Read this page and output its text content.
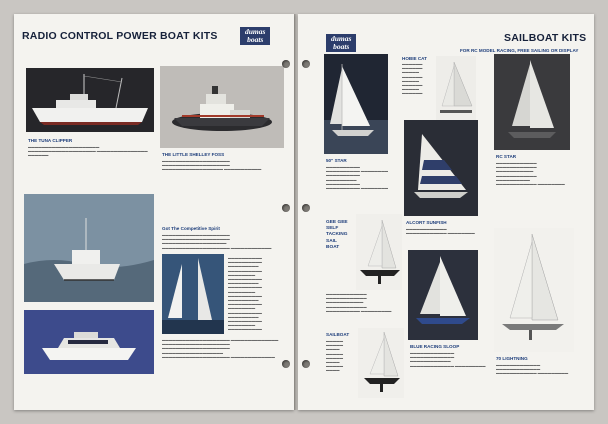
RADIO CONTROL POWER BOAT KITS	dumas
boats
THE TUNA CLIPPER
▬▬▬▬▬▬▬▬▬▬▬▬▬▬▬▬▬▬▬▬▬ ▬▬▬▬▬▬▬▬▬▬▬▬▬▬▬▬▬▬▬▬ ▬▬▬▬▬▬▬▬▬▬▬▬▬▬▬ ▬▬▬▬▬▬	THE LITTLE SHELLEY FOSS
▬▬▬▬▬▬▬▬▬▬▬▬▬▬▬▬▬▬▬▬ ▬▬▬▬▬▬▬▬▬▬▬▬▬▬▬▬▬▬▬▬ ▬▬▬▬▬▬▬▬▬▬▬▬▬▬▬▬▬▬ ▬▬▬▬▬▬▬▬▬▬▬
Got The Competitive Spirit
▬▬▬▬▬▬▬▬▬▬▬▬▬▬▬▬▬▬▬▬ ▬▬▬▬▬▬▬▬▬▬▬▬▬▬▬▬▬▬▬▬ ▬▬▬▬▬▬▬▬▬▬▬▬▬▬▬▬▬▬▬ ▬▬▬▬▬▬▬▬▬▬▬▬▬▬▬▬▬▬▬▬ ▬▬▬▬▬▬▬▬▬▬▬▬
▬▬▬▬▬▬▬▬▬▬ ▬▬▬▬▬▬▬▬▬▬ ▬▬▬▬▬▬▬▬▬ ▬▬▬▬▬▬▬▬▬▬ ▬▬▬▬▬▬▬▬ ▬▬▬▬▬▬▬▬▬▬ ▬▬▬▬▬▬▬▬▬ ▬▬▬▬▬▬▬▬▬▬ ▬▬▬▬▬▬▬▬ ▬▬▬▬▬▬▬▬▬▬ ▬▬▬▬▬▬▬▬▬ ▬▬▬▬▬▬▬▬▬▬ ▬▬▬▬▬▬▬▬ ▬▬▬▬▬▬▬▬▬▬ ▬▬▬▬▬▬▬▬▬ ▬▬▬▬▬▬▬▬▬▬ ▬▬▬▬▬▬▬▬ ▬▬▬▬▬▬▬▬▬▬
▬▬▬▬▬▬▬▬▬▬▬▬▬▬▬▬▬▬▬▬ ▬▬▬▬▬▬▬▬▬▬▬▬▬▬ ▬▬▬▬▬▬▬▬▬▬▬▬▬▬▬▬▬▬▬▬ ▬▬▬▬▬▬▬▬▬▬▬▬▬▬▬▬▬▬▬▬ ▬▬▬▬▬▬▬▬▬▬▬▬▬▬▬▬▬▬ ▬▬▬▬▬▬▬▬▬▬▬▬▬▬▬▬▬▬▬▬ ▬▬▬▬▬▬▬▬▬▬▬▬▬
dumas
boats
SAILBOAT KITS
FOR RC MODEL RACING, FREE SAILING OR DISPLAY
50" STAR
▬▬▬▬▬▬▬▬▬▬ ▬▬▬▬▬▬▬▬▬▬ ▬▬▬▬▬▬▬▬ ▬▬▬▬▬▬▬▬▬▬ ▬▬▬▬▬▬▬▬▬ ▬▬▬▬▬▬▬▬▬▬ ▬▬▬▬▬▬▬▬▬▬ ▬▬▬▬▬▬▬▬
HOBIE CAT
▬▬▬▬▬▬ ▬▬▬▬▬▬ ▬▬▬▬▬ ▬▬▬▬▬▬ ▬▬▬▬▬ ▬▬▬▬▬▬ ▬▬▬▬▬ ▬▬▬▬▬▬
RC STAR
▬▬▬▬▬▬▬▬▬▬▬▬ ▬▬▬▬▬▬▬▬▬▬▬▬ ▬▬▬▬▬▬▬▬▬▬▬ ▬▬▬▬▬▬▬▬▬▬▬▬ ▬▬▬▬▬▬▬▬▬▬ ▬▬▬▬▬▬▬▬▬▬▬▬ ▬▬▬▬▬▬▬▬
ALCORT SUNFISH
▬▬▬▬▬▬▬▬▬▬▬▬ ▬▬▬▬▬▬▬▬▬▬▬▬ ▬▬▬▬▬▬▬▬
GEE GEE
SELF
TACKING
SAIL
BOAT
▬▬▬▬▬▬▬▬▬▬▬▬ ▬▬▬▬▬▬▬▬▬▬▬▬ ▬▬▬▬▬▬▬▬▬▬▬ ▬▬▬▬▬▬▬▬▬▬▬▬ ▬▬▬▬▬▬▬▬▬▬ ▬▬▬▬▬▬▬▬▬
SAILBOAT
▬▬▬▬▬ ▬▬▬▬▬ ▬▬▬▬ ▬▬▬▬▬ ▬▬▬▬▬ ▬▬▬▬ ▬▬▬▬▬ ▬▬▬▬
BLUE RACING SLOOP
▬▬▬▬▬▬▬▬▬▬▬▬▬ ▬▬▬▬▬▬▬▬▬▬▬▬▬ ▬▬▬▬▬▬▬▬▬▬▬▬ ▬▬▬▬▬▬▬▬▬▬▬▬▬ ▬▬▬▬▬▬▬▬▬
70 LIGHTNING
▬▬▬▬▬▬▬▬▬▬▬▬▬ ▬▬▬▬▬▬▬▬▬▬▬▬▬ ▬▬▬▬▬▬▬▬▬▬▬▬ ▬▬▬▬▬▬▬▬▬
